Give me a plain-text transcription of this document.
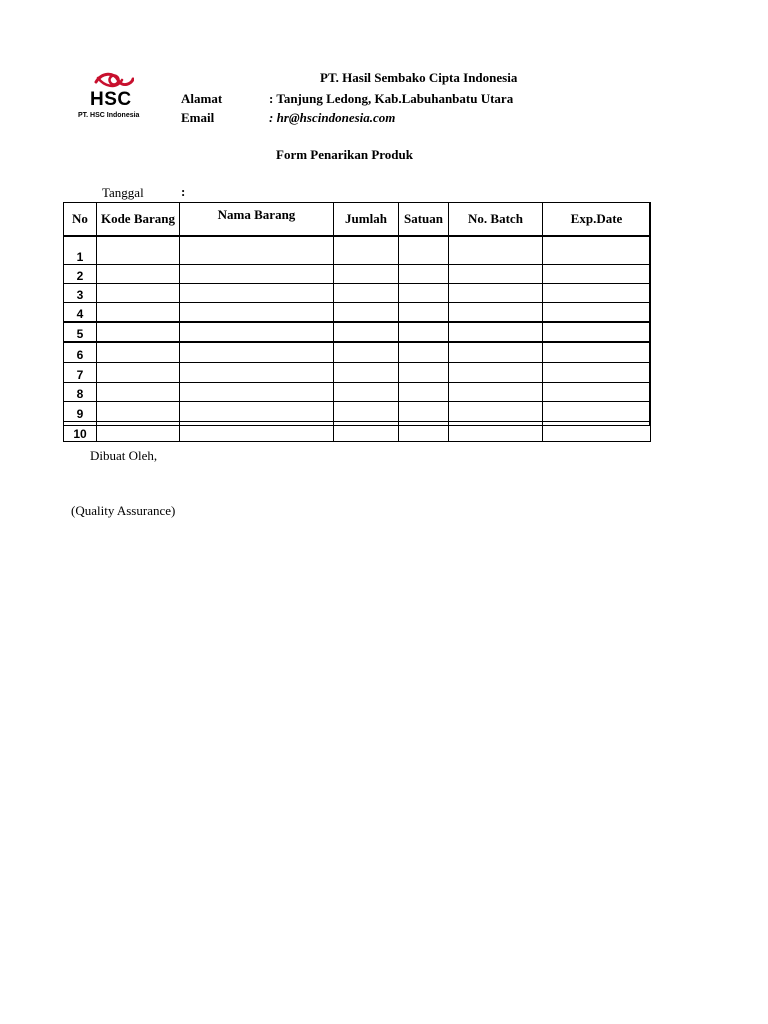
HSC
PT. HSC Indonesia
PT. Hasil Sembako Cipta Indonesia
Alamat	: Tanjung Ledong, Kab.Labuhanbatu Utara
Email	: hr@hscindonesia.com
Form Penarikan Produk
Tanggal	:
No	Kode Barang	Nama Barang	Jumlah	Satuan	No. Batch	Exp.Date
1						
2						
3						
4						
5						
6						
7						
8						
9						
10						
Dibuat Oleh,
(Quality Assurance)
